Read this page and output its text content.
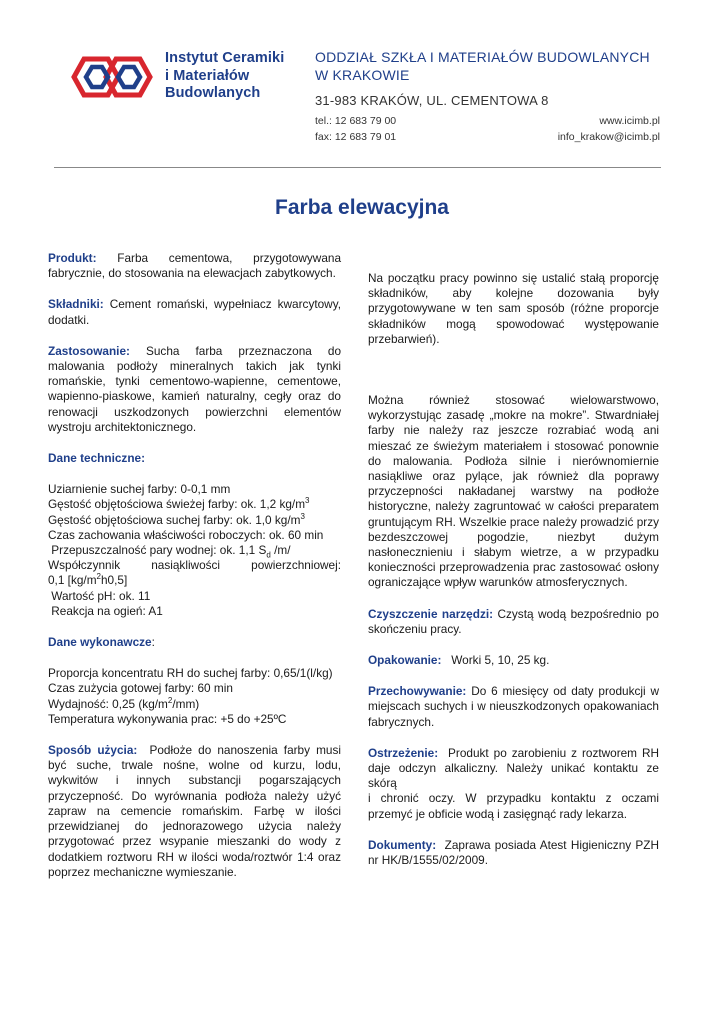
Instytut Ceramiki
i Materiałów
Budowlanych
ODDZIAŁ SZKŁA I MATERIAŁÓW BUDOWLANYCH
W KRAKOWIE
31-983 KRAKÓW, UL. CEMENTOWA 8
tel.: 12 683 79 00
fax: 12 683 79 01
www.icimb.pl
info_krakow@icimb.pl
Farba elewacyjna

Produkt: Farba cementowa, przygotowywana fabrycznie, do stosowania na elewacjach zabytkowych.

Składniki: Cement romański, wypełniacz kwarcytowy, dodatki.

Zastosowanie: Sucha farba przeznaczona do malowania podłoży mineralnych takich jak tynki romańskie, tynki cementowo-wapienne, cementowe, wapienno-piaskowe, kamień naturalny, cegły oraz do renowacji uszkodzonych powierzchni elementów wystroju architektonicznego.

Dane techniczne:

Uziarnienie suchej farby: 0-0,1 mm
Gęstość objętościowa świeżej farby: ok. 1,2 $kg/m^3$
Gęstość objętościowa suchej farby: ok. 1,0 $kg/m^3$
Czas zachowania właściwości roboczych: ok. 60 min
Przepuszczalność pary wodnej: ok. 1,1 $S_d$ /m/
Współczynnik nasiąkliwości powierzchniowej:
0,1 $[kg/m^2h0,5]$
Wartość pH: ok. 11
Reakcja na ogień: A1

Dane wykonawcze:

Proporcja koncentratu RH do suchej farby: 0,65/1(l/kg)
Czas zużycia gotowej farby: 60 min
Wydajność: 0,25 $(kg/m^2/mm)$
Temperatura wykonywania prac: +5 do +25ºC

Sposób użycia:  Podłoże do nanoszenia farby musi być suche, trwale nośne, wolne od kurzu, lodu, wykwitów i innych substancji pogarszających przyczepność. Do wyrównania podłoża należy użyć zapraw na cemencie romańskim. Farbę w ilości przewidzianej do jednorazowego użycia należy przygotować przez wsypanie mieszanki do wody z dodatkiem roztworu RH w ilości woda/roztwór 1:4 oraz poprzez mechaniczne wymieszanie.

Na początku pracy powinno się ustalić stałą proporcję składników, aby kolejne dozowania były przygotowywane w ten sam sposób (różne proporcje składników mogą spowodować występowanie przebarwień).

Można również stosować wielowarstwowo, wykorzystując zasadę „mokre na mokre”. Stwardniałej farby nie należy raz jeszcze rozrabiać wodą ani mieszać ze świeżym materiałem i stosować ponownie do malowania. Podłoża silnie i nierównomiernie nasiąkliwe oraz pylące, jak również dla poprawy przyczepności nakładanej warstwy na podłoże historyczne, należy zagruntować w całości preparatem gruntującym RH. Wszelkie prace należy prowadzić przy bezdeszczowej pogodzie, niezbyt dużym nasłonecznieniu i słabym wietrze, a w przypadku konieczności przeprowadzenia prac zastosować osłony ograniczające wpływ warunków atmosferycznych.

Czyszczenie narzędzi: Czystą wodą bezpośrednio po skończeniu pracy.

Opakowanie:   Worki 5, 10, 25 kg.

Przechowywanie: Do 6 miesięcy od daty produkcji w miejscach suchych i w nieuszkodzonych opakowaniach fabrycznych.

Ostrzeżenie:  Produkt po zarobieniu z roztworem RH daje odczyn alkaliczny. Należy unikać kontaktu ze skórą
i chronić oczy. W przypadku kontaktu z oczami przemyć je obficie wodą i zasięgnąć rady lekarza.

Dokumenty:  Zaprawa posiada Atest Higieniczny PZH nr HK/B/1555/02/2009.
